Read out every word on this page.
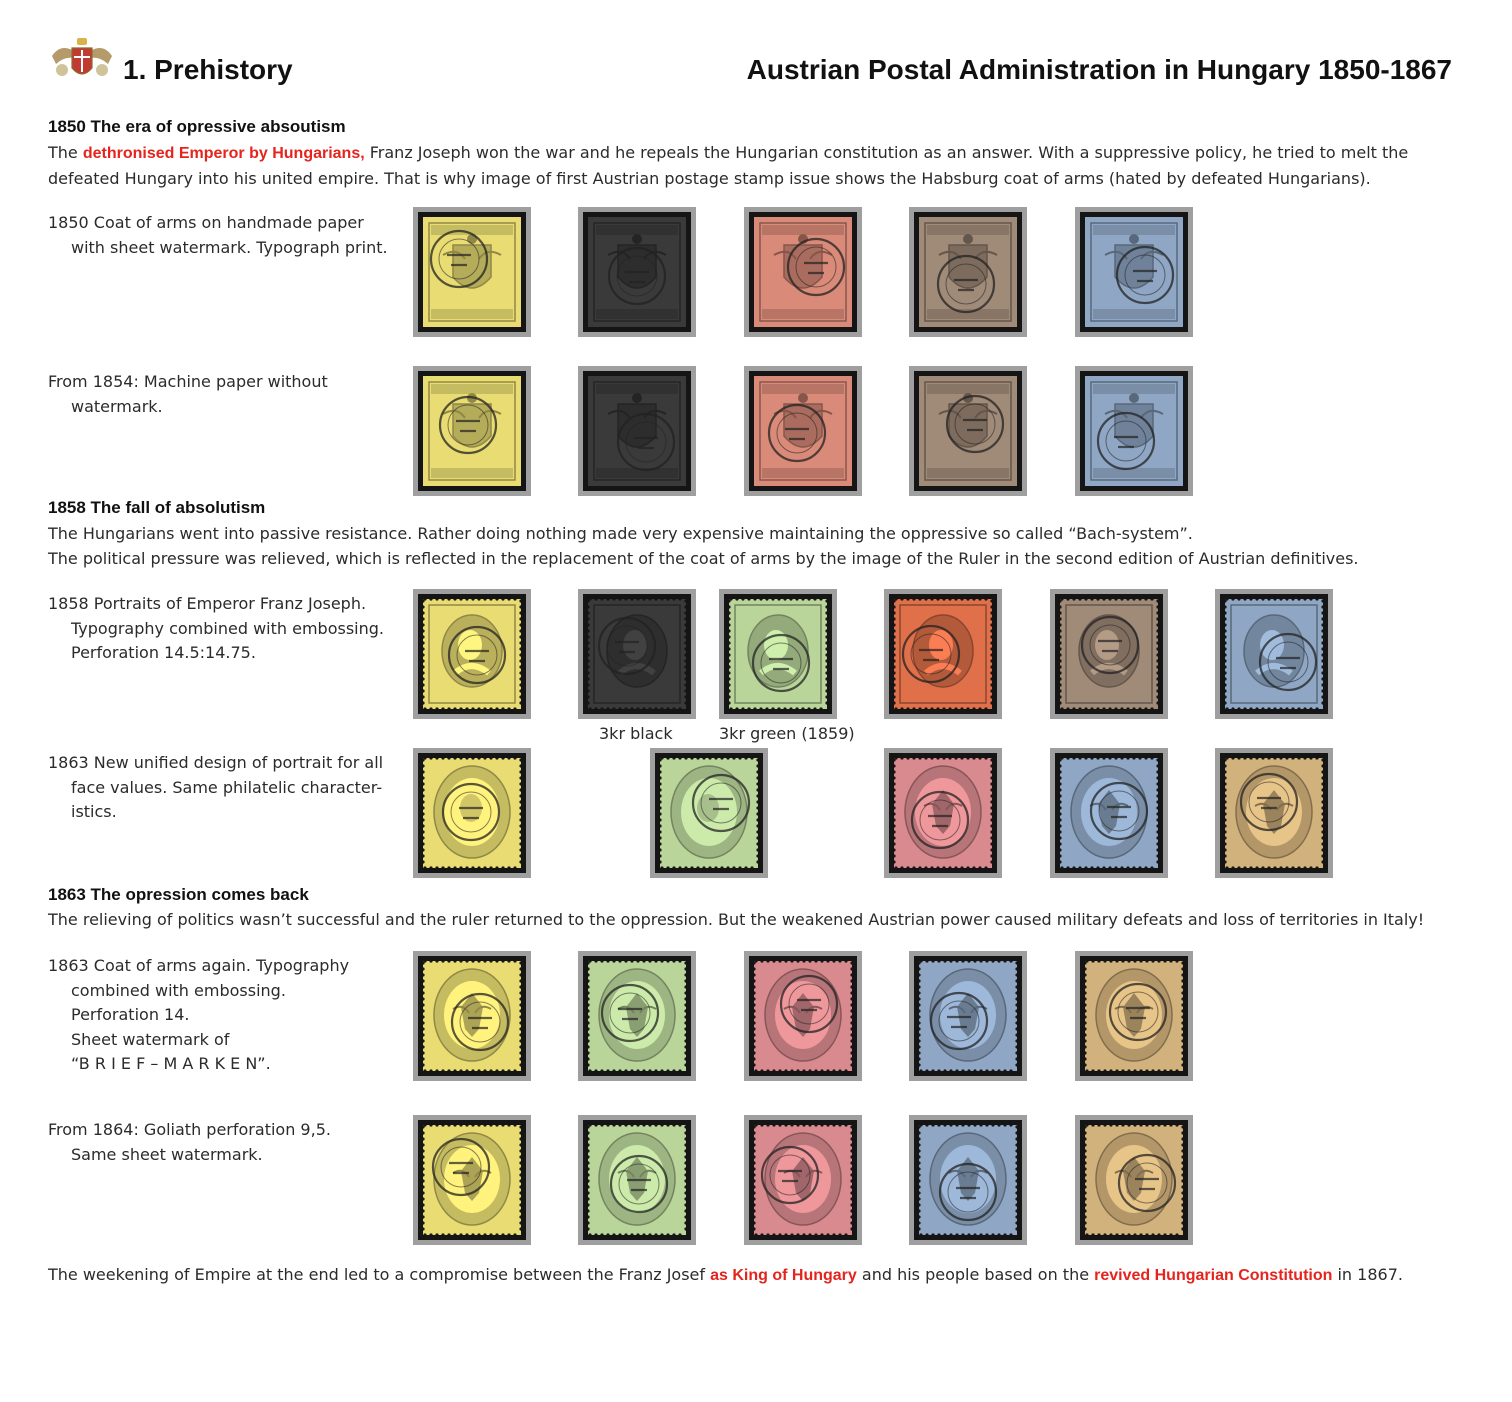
1. Prehistory	Austrian Postal Administration in Hungary 1850-1867
1850 The era of opressive absoutism
The dethronised Emperor by Hungarians, Franz Joseph won the war and he repeals the Hungarian constitution as an answer. With a suppressive policy, he tried to melt the
defeated Hungary into his united empire. That is why image of first Austrian postage stamp issue shows the Habsburg coat of arms (hated by defeated Hungarians).
1850 Coat of arms on handmade paper
with sheet watermark. Typograph print.
From 1854: Machine paper without
watermark.
1858 The fall of absolutism
The Hungarians went into passive resistance. Rather doing nothing made very expensive maintaining the oppressive so called “Bach-system”.
The political pressure was relieved, which is reflected in the replacement of the coat of arms by the image of the Ruler in the second edition of Austrian definitives.
1858 Portraits of Emperor Franz Joseph.
Typography combined with embossing.
Perforation 14.5:14.75.
3kr black	3kr green (1859)
1863 New unified design of portrait for all
face values. Same philatelic character-
istics.
1863 The opression comes back
The relieving of politics wasn’t successful and the ruler returned to the oppression. But the weakened Austrian power caused military defeats and loss of territories in Italy!
1863 Coat of arms again. Typography
combined with embossing.
Perforation 14.
Sheet watermark of
“B R I E F – M A R K E N”.
From 1864: Goliath perforation 9,5.
Same sheet watermark.
The weekening of Empire at the end led to a compromise between the Franz Josef as King of Hungary and his people based on the revived Hungarian Constitution in 1867.
